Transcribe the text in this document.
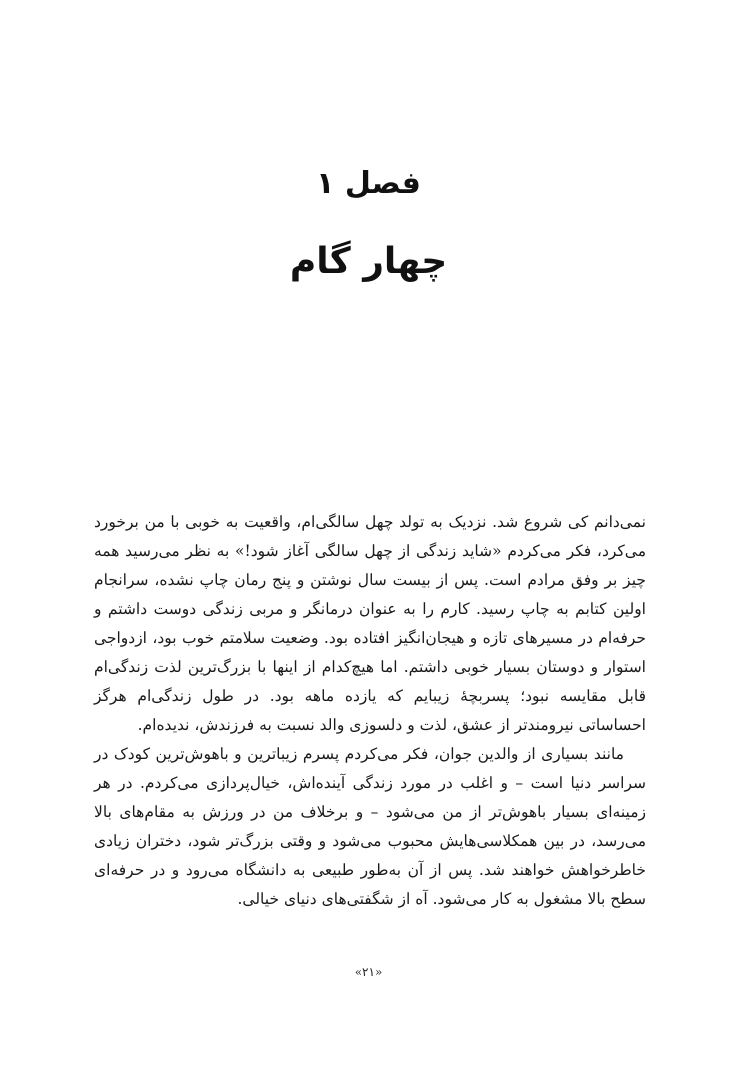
فصل ۱
چهار گام

نمی‌دانم کی شروع شد. نزدیک به تولد چهل سالگی‌ام، واقعیت به خوبی با من برخورد می‌کرد، فکر می‌کردم «شاید زندگی از چهل سالگی آغاز شود!» به نظر می‌رسید همه چیز بر وفق مرادم است. پس از بیست سال نوشتن و پنج رمان چاپ نشده، سرانجام اولین کتابم به چاپ رسید. کارم را به عنوان درمانگر و مربی زندگی دوست داشتم و حرفه‌ام در مسیرهای تازه و هیجان‌انگیز افتاده بود. وضعیت سلامتم خوب بود، ازدواجی استوار و دوستان بسیار خوبی داشتم. اما هیچ‌کدام از اینها با بزرگ‌ترین لذت زندگی‌ام قابل مقایسه نبود؛ پسربچهٔ زیبایم که یازده ماهه بود. در طول زندگی‌ام هرگز احساساتی نیرومندتر از عشق، لذت و دلسوزی والد نسبت به فرزندش، ندیده‌ام.

مانند بسیاری از والدین جوان، فکر می‌کردم پسرم زیباترین و باهوش‌ترین کودک در سراسر دنیا است – و اغلب در مورد زندگی آینده‌اش، خیال‌پردازی می‌کردم. در هر زمینه‌ای بسیار باهوش‌تر از من می‌شود – و برخلاف من در ورزش به مقام‌های بالا می‌رسد، در بین همکلاسی‌هایش محبوب می‌شود و وقتی بزرگ‌تر شود، دختران زیادی خاطرخواهش خواهند شد. پس از آن به‌طور طبیعی به دانشگاه می‌رود و در حرفه‌ای سطح بالا مشغول به کار می‌شود. آه از شگفتی‌های دنیای خیالی.

«۲۱»
